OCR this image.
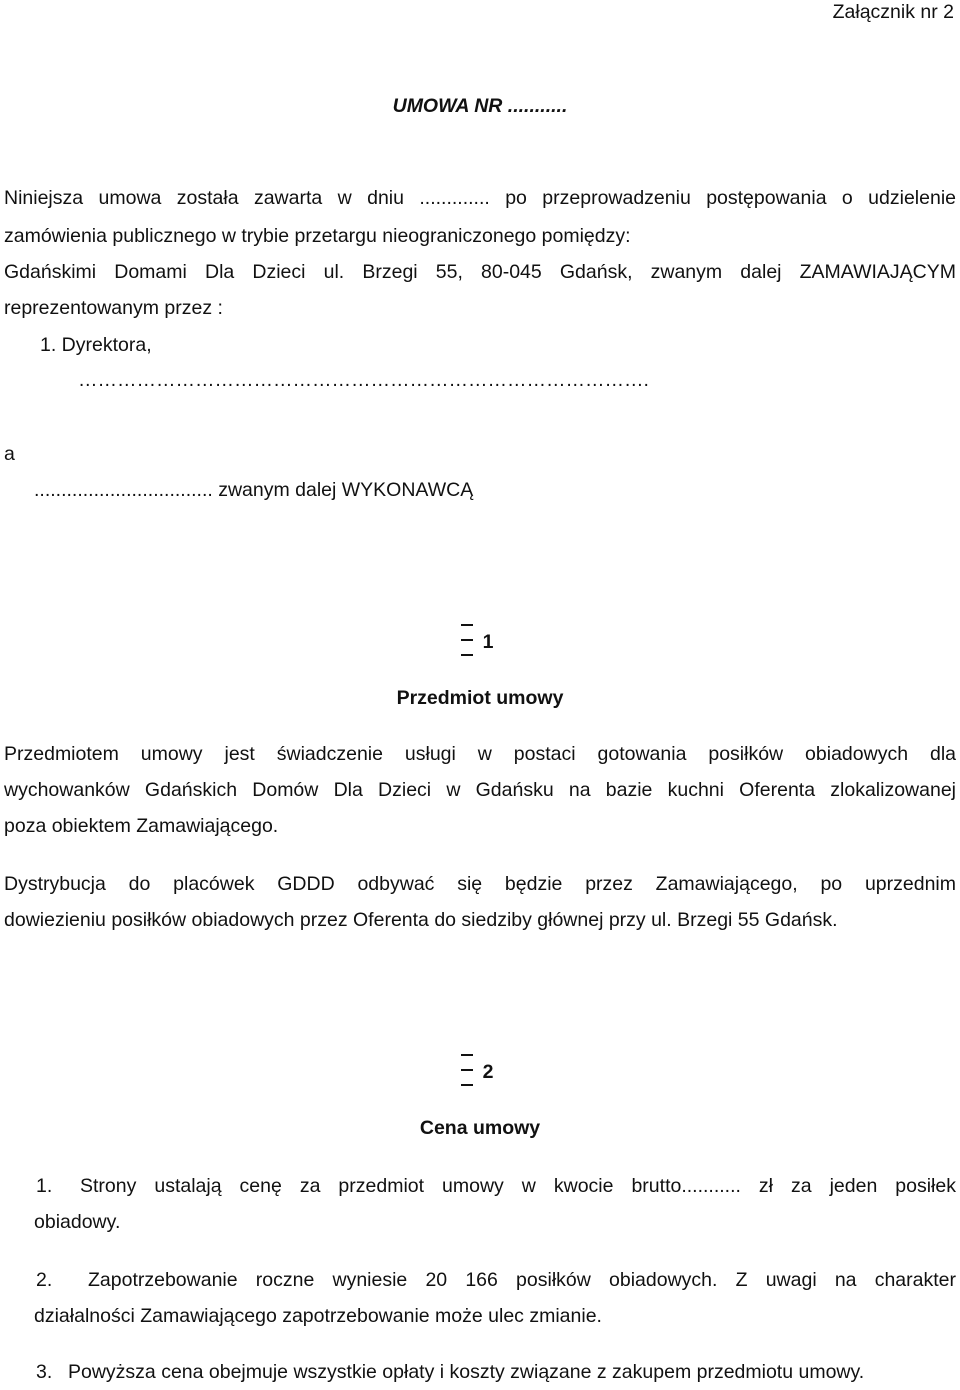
Załącznik nr 2
UMOWA NR ...........
Niniejsza umowa została zawarta w dniu ............. po przeprowadzeniu postępowania o udzielenie
zamówienia publicznego w trybie przetargu nieograniczonego pomiędzy:
Gdańskimi Domami Dla Dzieci ul. Brzegi 55, 80-045 Gdańsk, zwanym dalej ZAMAWIAJĄCYM
reprezentowanym przez :
1. Dyrektora,
…………………………………………………………………………….
a
................................. zwanym dalej WYKONAWCĄ
1
Przedmiot umowy
Przedmiotem umowy jest świadczenie usługi w postaci gotowania posiłków obiadowych dla
wychowanków Gdańskich Domów Dla Dzieci w Gdańsku na bazie kuchni Oferenta zlokalizowanej
poza obiektem Zamawiającego.
Dystrybucja do placówek GDDD odbywać się będzie przez Zamawiającego, po uprzednim
dowiezieniu posiłków obiadowych przez Oferenta do siedziby głównej przy ul. Brzegi 55 Gdańsk.
2
Cena umowy
1. Strony ustalają cenę za przedmiot umowy w kwocie brutto........... zł za jeden posiłek
obiadowy.
2. Zapotrzebowanie roczne wyniesie 20 166 posiłków obiadowych. Z uwagi na charakter
działalności Zamawiającego zapotrzebowanie może ulec zmianie.
3. Powyższa cena obejmuje wszystkie opłaty i koszty związane z zakupem przedmiotu umowy.
